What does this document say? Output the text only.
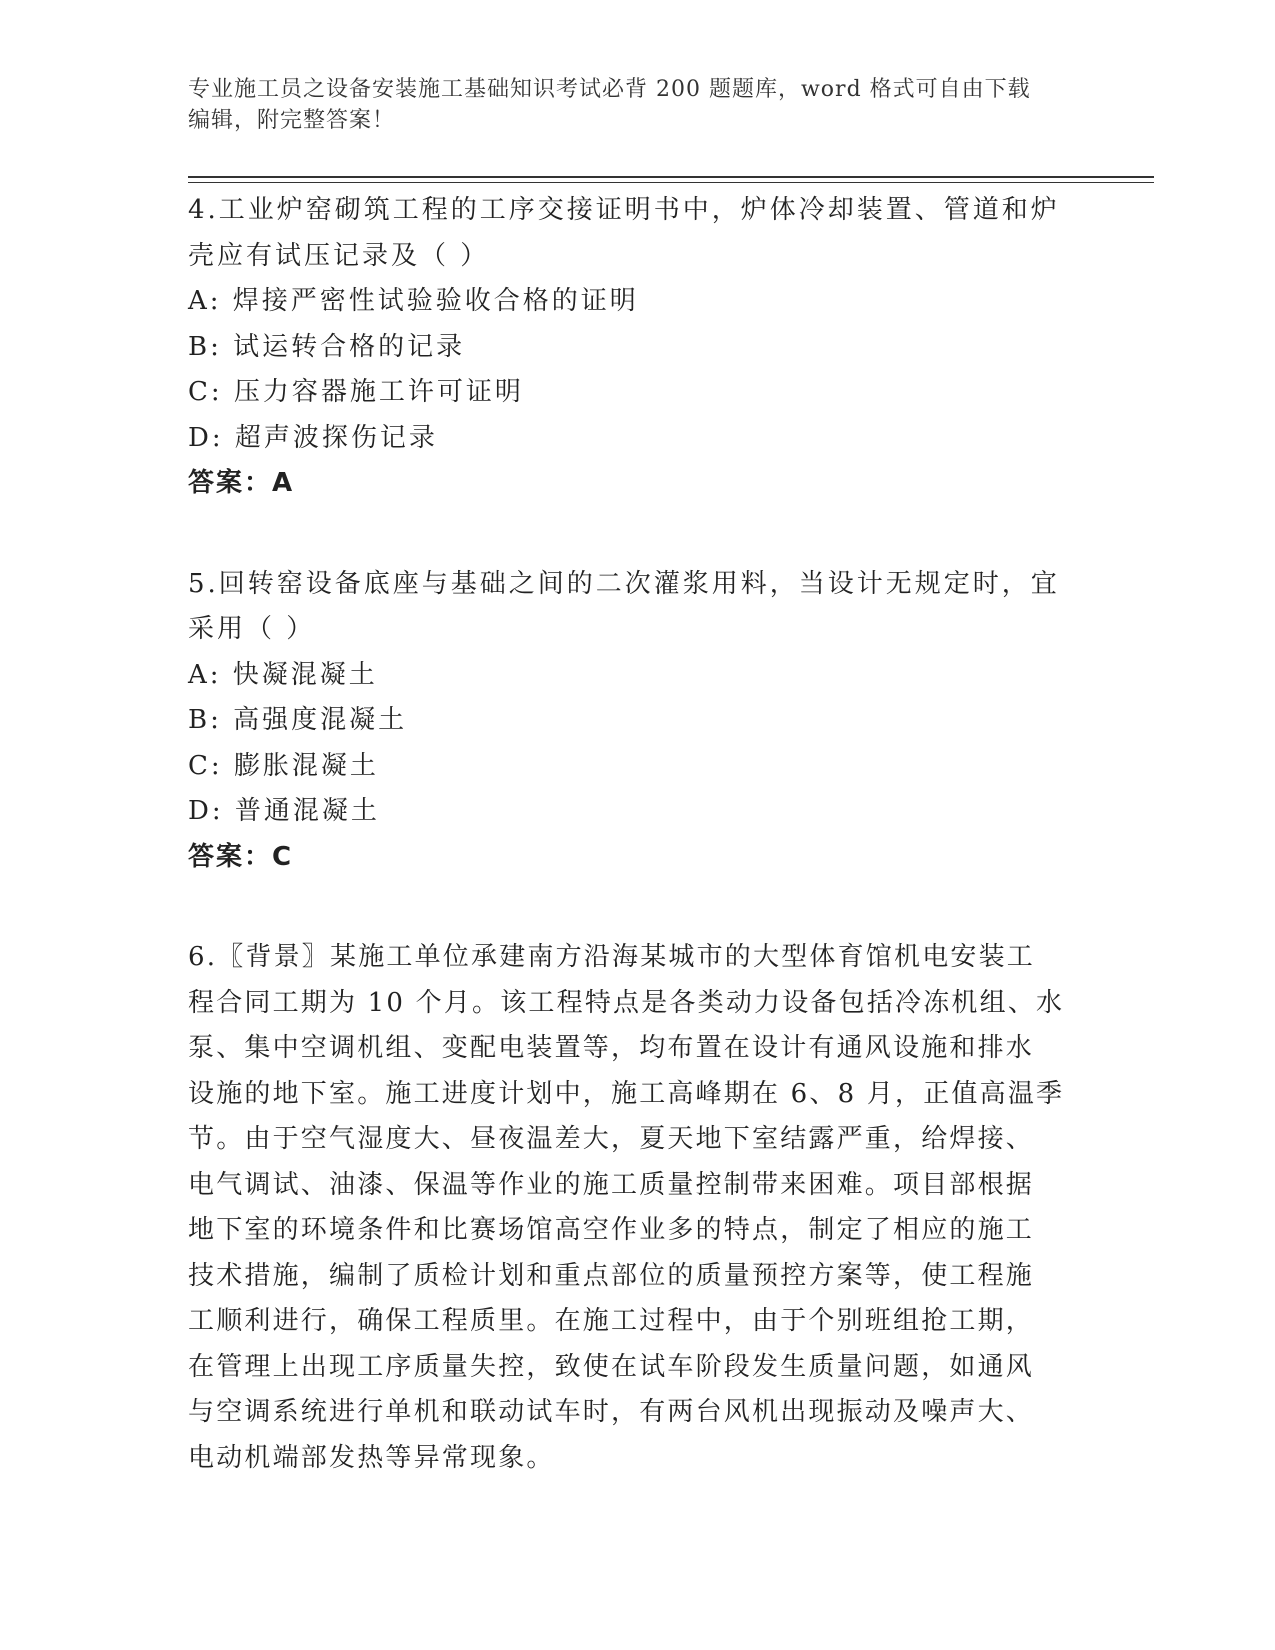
专业施工员之设备安装施工基础知识考试必背 200 题题库，word 格式可自由下载
编辑，附完整答案！
4.工业炉窑砌筑工程的工序交接证明书中，炉体冷却装置、管道和炉
壳应有试压记录及（ ）
A: 焊接严密性试验验收合格的证明
B: 试运转合格的记录
C: 压力容器施工许可证明
D: 超声波探伤记录
答案：A
5.回转窑设备底座与基础之间的二次灌浆用料，当设计无规定时，宜
采用（ ）
A: 快凝混凝土
B: 高强度混凝土
C: 膨胀混凝土
D: 普通混凝土
答案：C
6.〖背景〗某施工单位承建南方沿海某城市的大型体育馆机电安装工
程合同工期为 10 个月。该工程特点是各类动力设备包括冷冻机组、水
泵、集中空调机组、变配电装置等，均布置在设计有通风设施和排水
设施的地下室。施工进度计划中，施工高峰期在 6、8 月，正值高温季
节。由于空气湿度大、昼夜温差大，夏天地下室结露严重，给焊接、
电气调试、油漆、保温等作业的施工质量控制带来困难。项目部根据
地下室的环境条件和比赛场馆高空作业多的特点，制定了相应的施工
技术措施，编制了质检计划和重点部位的质量预控方案等，使工程施
工顺利进行，确保工程质里。在施工过程中，由于个别班组抢工期，
在管理上出现工序质量失控，致使在试车阶段发生质量问题，如通风
与空调系统进行单机和联动试车时，有两台风机出现振动及噪声大、
电动机端部发热等异常现象。
